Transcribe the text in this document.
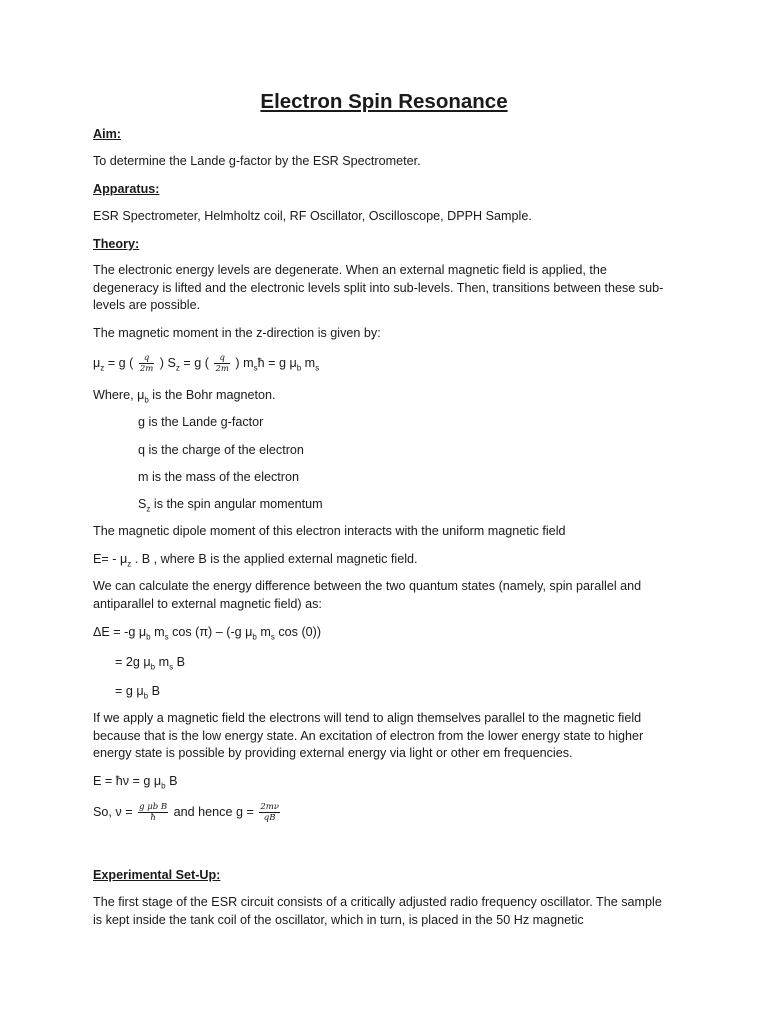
Electron Spin Resonance
Aim:
To determine the Lande g-factor by the ESR Spectrometer.
Apparatus:
ESR Spectrometer, Helmholtz coil, RF Oscillator, Oscilloscope, DPPH Sample.
Theory:
The electronic energy levels are degenerate. When an external magnetic field is applied, the degeneracy is lifted and the electronic levels split into sub-levels. Then, transitions between these sub-levels are possible.
The magnetic moment in the z-direction is given by:
$\mu_z = g$ ( $\frac{q}{2m}$ ) $S_z = g$ ( $\frac{q}{2m}$ ) $m_sħ = g$ $\mu_b$ $m_s$
Where, $\mu_b$ is the Bohr magneton.
g is the Lande g-factor
q is the charge of the electron
m is the mass of the electron
$S_z$ is the spin angular momentum
The magnetic dipole moment of this electron interacts with the uniform magnetic field
$E= - \mu_z$ . B , where B is the applied external magnetic field.
We can calculate the energy difference between the two quantum states (namely, spin parallel and antiparallel to external magnetic field) as:
ΔE = -g $\mu_b$ $m_s$ cos (π) – (-g $\mu_b$ $m_s$ cos (0))
= 2g $\mu_b$ $m_s$ B
= g $\mu_b$ B
If we apply a magnetic field the electrons will tend to align themselves parallel to the magnetic field because that is the low energy state. An excitation of electron from the lower energy state to higher energy state is possible by providing external energy via light or other em frequencies.
E = ħν = g $\mu_b$ B
So, $\nu = \frac{\text{g μb B}}{ħ}$ and hence $g = \frac{2m\nu}{qB}$
Experimental Set-Up:
The first stage of the ESR circuit consists of a critically adjusted radio frequency oscillator. The sample is kept inside the tank coil of the oscillator, which in turn, is placed in the 50 Hz magnetic
